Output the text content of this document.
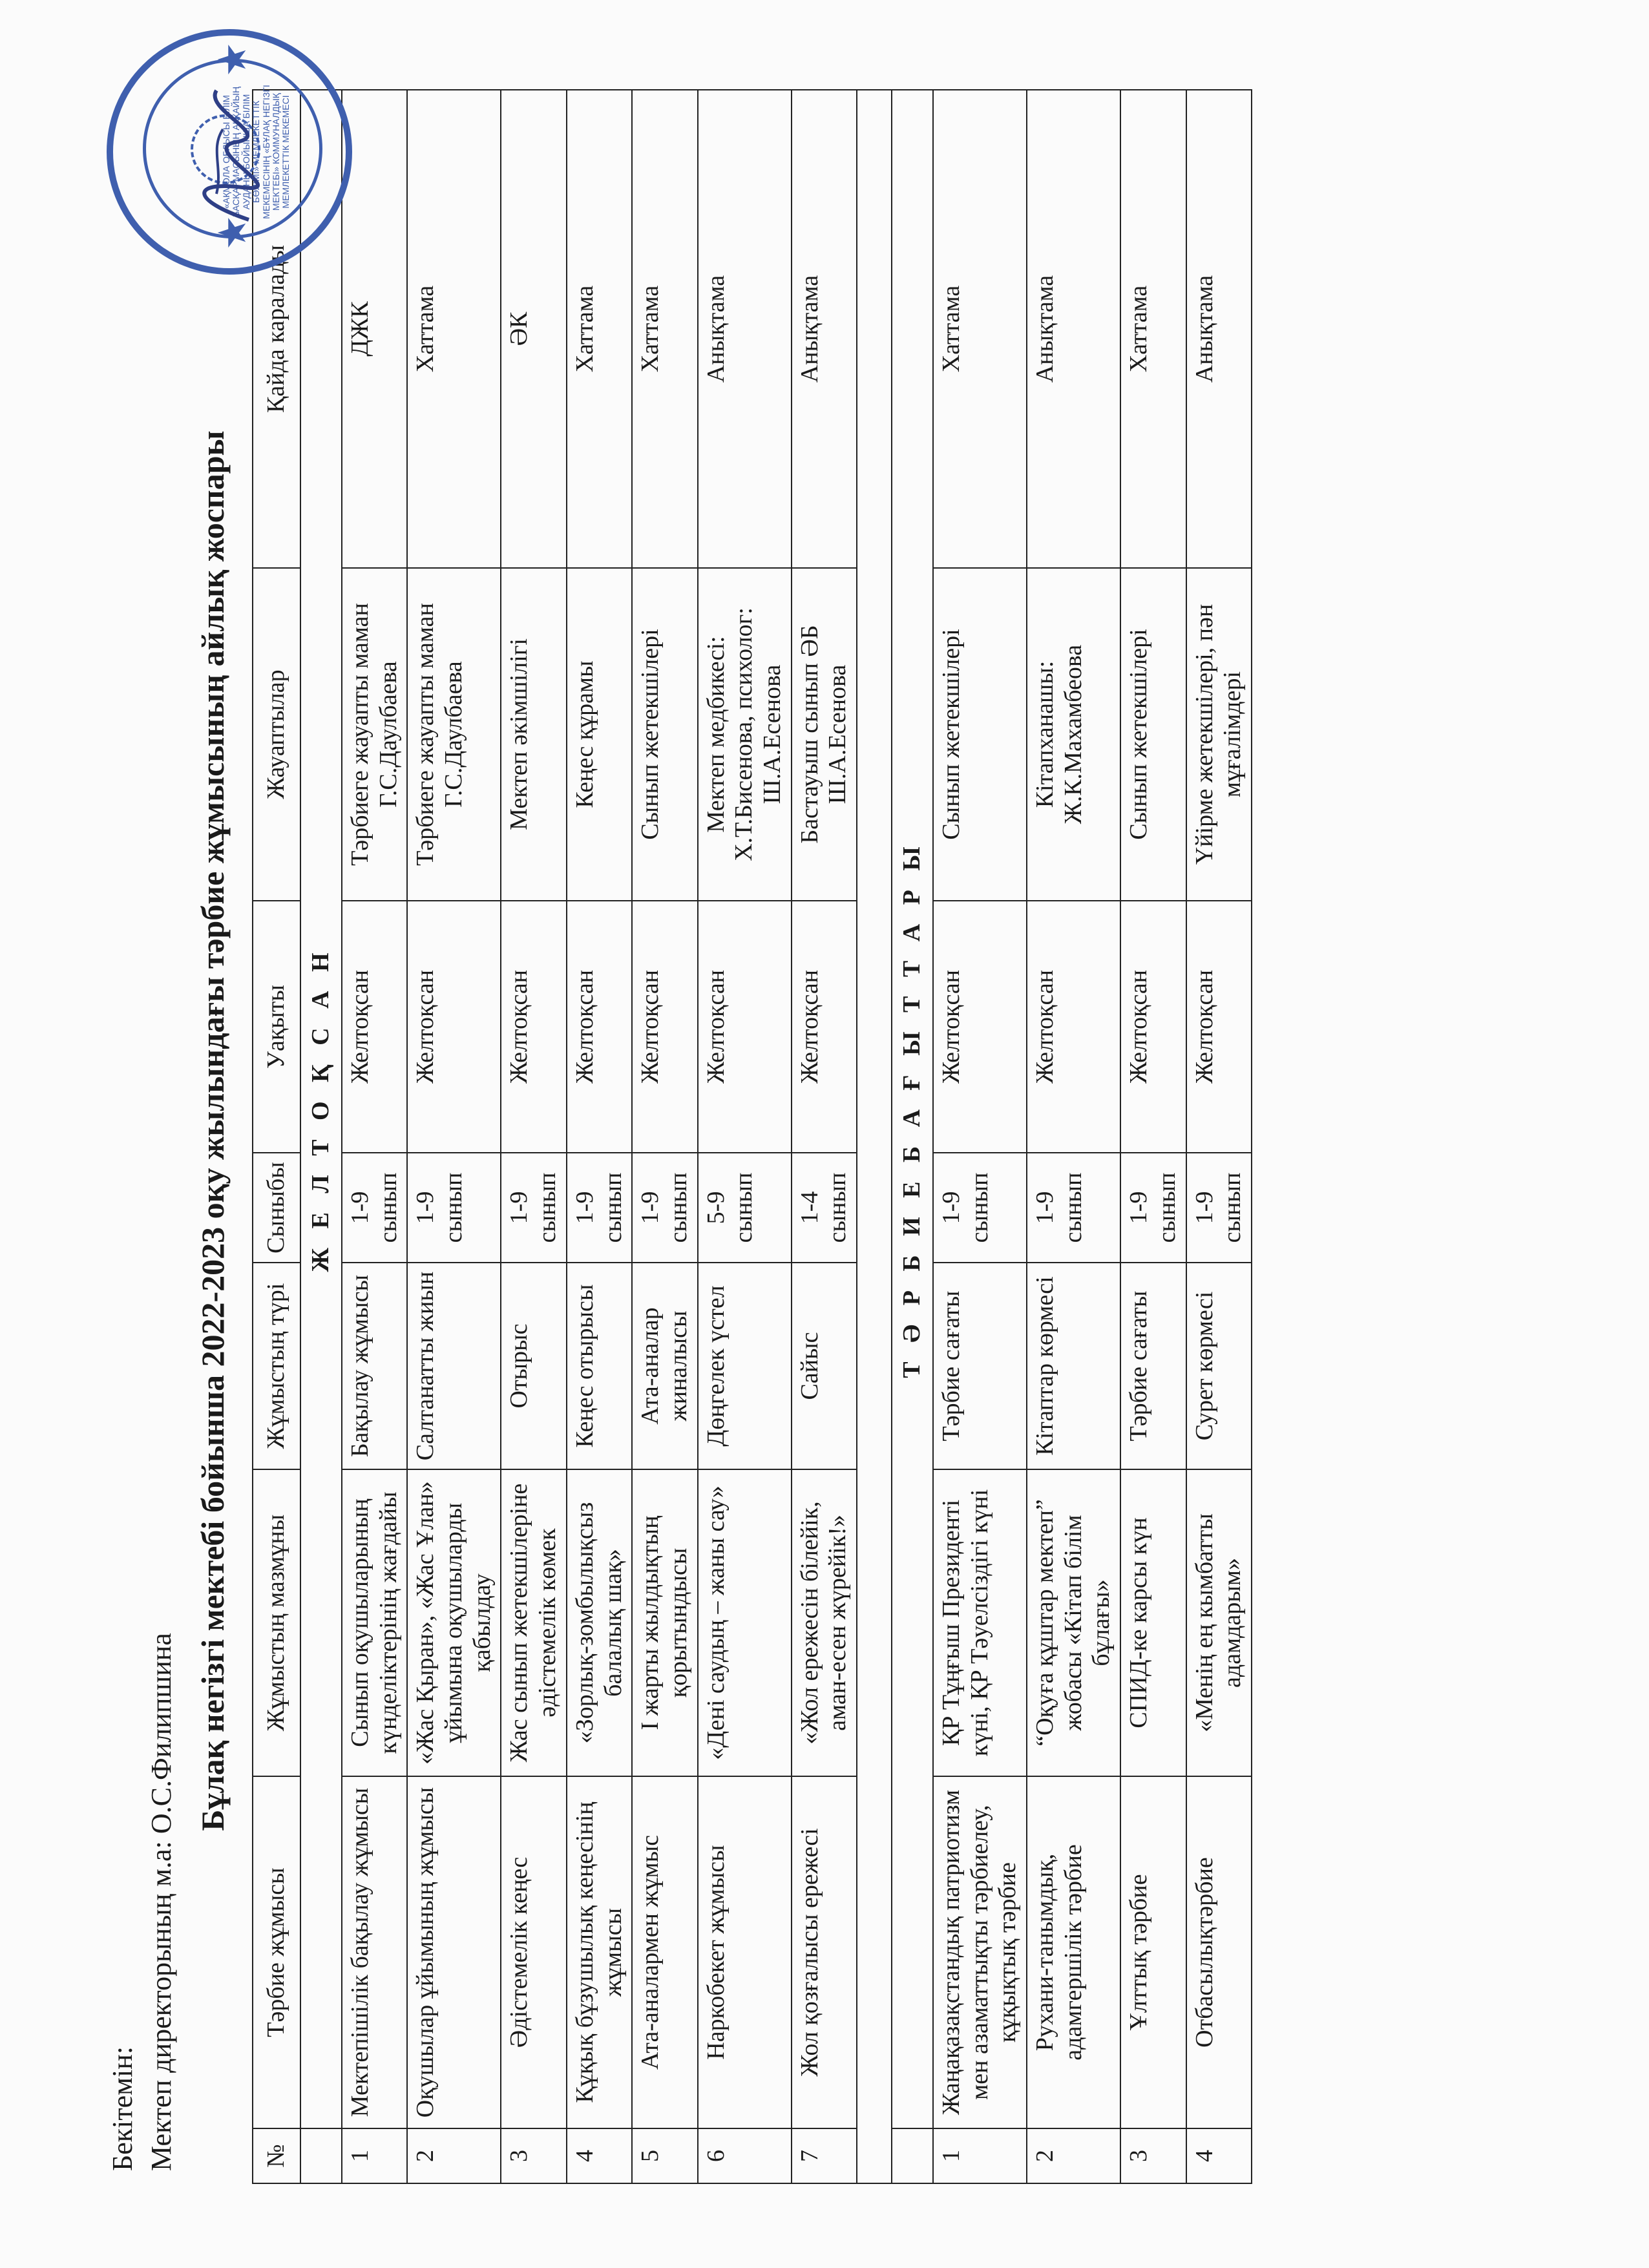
Бекітемін: Мектеп директорының м.а: О.С.Филипшина
Бұлақ негізгі мектебі бойынша 2022-2023 оқу жылындағы тәрбие жұмысының айлық жоспары
№	Тәрбие жұмысы	Жұмыстың мазмұны	Жұмыстың түрі	Сыныбы	Уақыты	Жауаптылар	Қайда каралады
	Ж Е Л Т О Қ С А Н						
1	Мектепішілік бақылау жұмысы	Сынып оқушыларының күнделіктерінің жағдайы	Бақылау жұмысы	1-9 сынып	Желтоқсан	Тәрбиеге жауапты маман Г.С.Даулбаева	ДЖК
2	Оқушылар ұйымының жұмысы	«Жас Қыран», «Жас Ұлан» ұйымына оқушыларды қабылдау	Салтанатты жиын	1-9 сынып	Желтоқсан	Тәрбиеге жауапты маман Г.С.Даулбаева	Хаттама
3	Әдістемелік кеңес	Жас сынып жетекшілеріне әдістемелік көмек	Отырыс	1-9 сынып	Желтоқсан	Мектеп әкімшілігі	ӘК
4	Құқық бұзушылық кеңесінің жұмысы	«Зорлық-зомбылықсыз балалық шақ»	Кеңес отырысы	1-9 сынып	Желтоқсан	Кеңес құрамы	Хаттама
5	Ата-аналармен жұмыс	І жарты жылдықтың қорытындысы	Ата-аналар жиналысы	1-9 сынып	Желтоқсан	Сынып жетекшілері	Хаттама
6	Наркобекет жұмысы	«Дені саудың – жаны сау»	Дөңгелек үстел	5-9 сынып	Желтоқсан	Мектеп медбикесі: Х.Т.Бисенова, психолог: Ш.А.Есенова	Анықтама
7	Жол қозғалысы ережесі	«Жол ережесін білейік, аман-есен жүрейік!»	Сайыс	1-4 сынып	Желтоқсан	Бастауыш сынып ӘБ Ш.А.Есенова	Анықтама

	Т Ә Р Б И Е Б А Ғ Ы Т Т А Р Ы						
1	Жаңақазақстандық патриотизм мен азаматтықты тәрбиелеу, құқықтық тәрбие	ҚР Тұңғыш Президенті күні, ҚР Тәуелсіздігі күні	Тәрбие сағаты	1-9 сынып	Желтоқсан	Сынып жетекшілері	Хаттама
2	Рухани-танымдық, адамгершілік тәрбие	“Оқуға құштар мектеп” жобасы «Кітап білім бұлағы»	Кітаптар көрмесі	1-9 сынып	Желтоқсан	Кітапханашы: Ж.К.Махамбеова	Анықтама
3	Ұлттық тәрбие	СПИД-ке карсы күн	Тәрбие сағаты	1-9 сынып	Желтоқсан	Сынып жетекшілері	Хаттама
4	Отбасылықтәрбие	«Менің ең кымбатты адамдарым»	Сурет көрмесі	1-9 сынып	Желтоқсан	Үйірме жетекшілері, пән мұғалімдері	Анықтама
★
★
«АҚМОЛА ОБЛЫСЫ БІЛІМ БАСҚАРМАСЫНЫҢ АҚҚАЙЫҢ АУДАНЫ БОЙЫНША БІЛІМ БӨЛІМІ» МЕМЛЕКЕТТІК МЕКЕМЕСІНІҢ «БҰЛАҚ НЕГІЗГІ МЕКТЕБІ» КОММУНАЛДЫҚ МЕМЛЕКЕТТІК МЕКЕМЕСІ
